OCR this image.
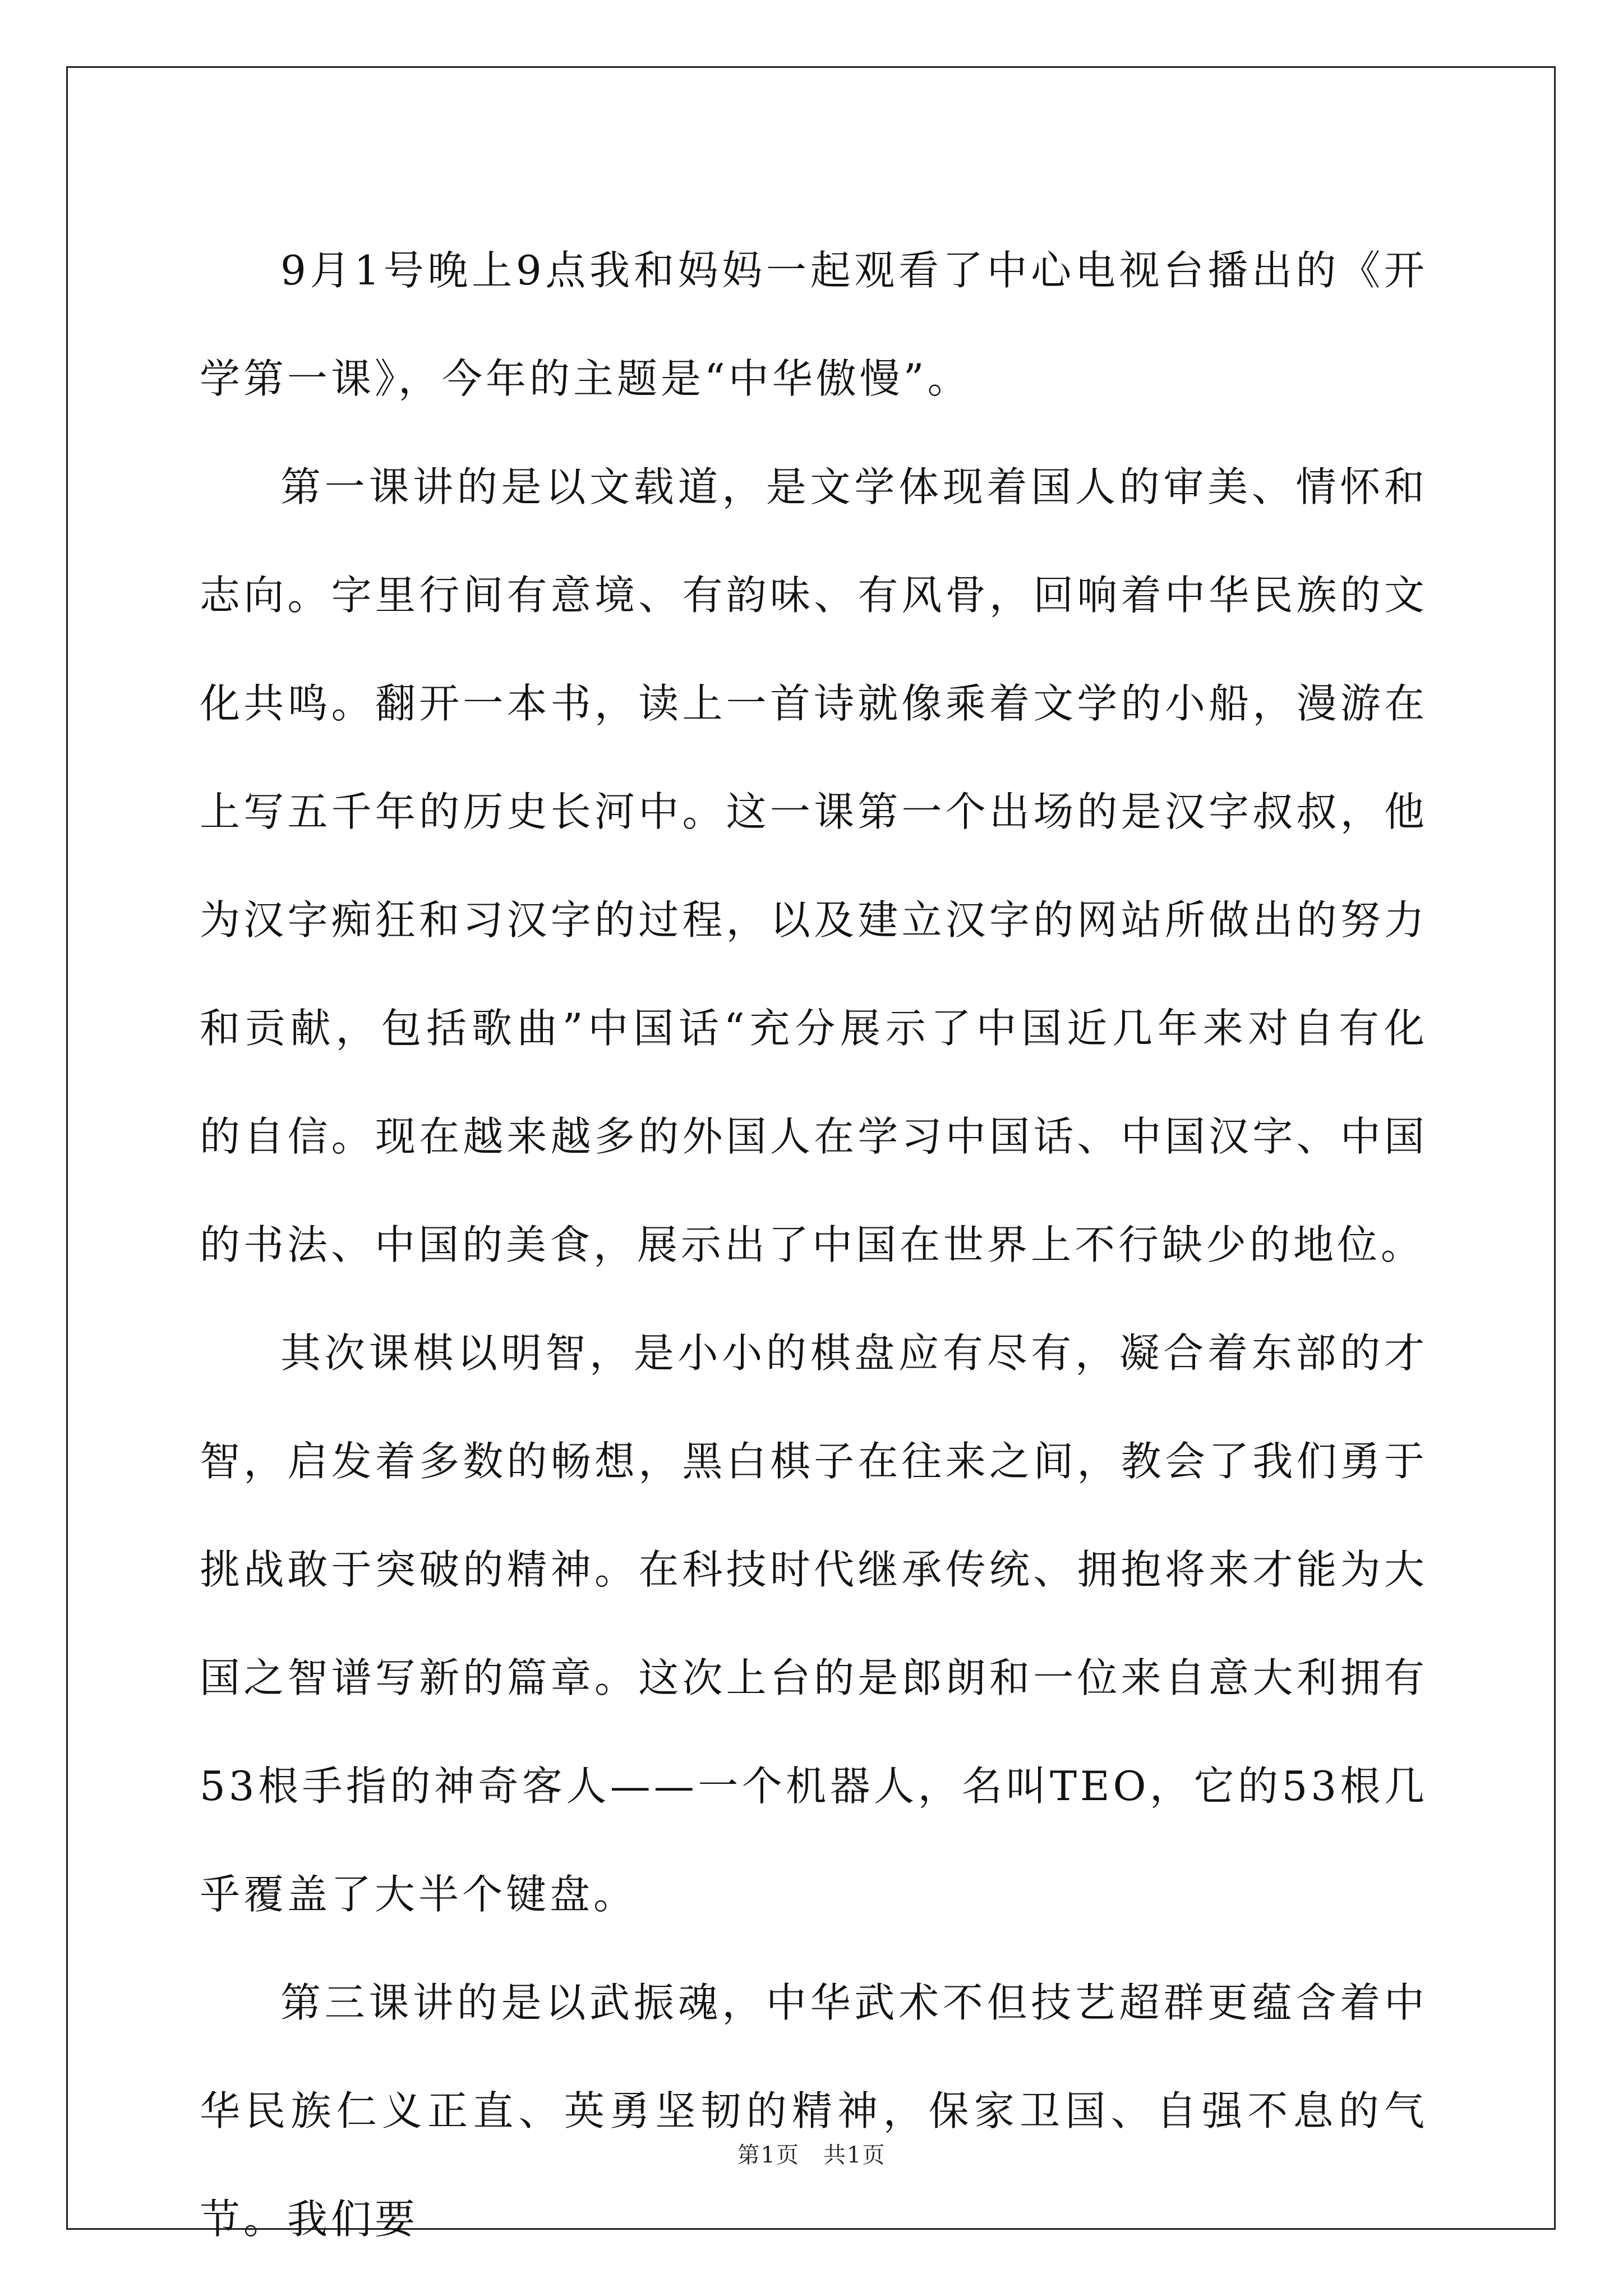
9月1号晚上9点我和妈妈一起观看了中心电视台播出的《开学第一课》，今年的主题是“中华傲慢”。

第一课讲的是以文载道，是文学体现着国人的审美、情怀和志向。字里行间有意境、有韵味、有风骨，回响着中华民族的文化共鸣。翻开一本书，读上一首诗就像乘着文学的小船，漫游在上写五千年的历史长河中。这一课第一个出场的是汉字叔叔，他为汉字痴狂和习汉字的过程，以及建立汉字的网站所做出的努力和贡献，包括歌曲”中国话“充分展示了中国近几年来对自有化的自信。现在越来越多的外国人在学习中国话、中国汉字、中国的书法、中国的美食，展示出了中国在世界上不行缺少的地位。

其次课棋以明智，是小小的棋盘应有尽有，凝合着东部的才智，启发着多数的畅想，黑白棋子在往来之间，教会了我们勇于挑战敢于突破的精神。在科技时代继承传统、拥抱将来才能为大国之智谱写新的篇章。这次上台的是郎朗和一位来自意大利拥有53根手指的神奇客人——一个机器人，名叫TEO，它的53根几乎覆盖了大半个键盘。

第三课讲的是以武振魂，中华武术不但技艺超群更蕴含着中华民族仁义正直、英勇坚韧的精神，保家卫国、自强不息的气节。我们要

第1页　共1页
